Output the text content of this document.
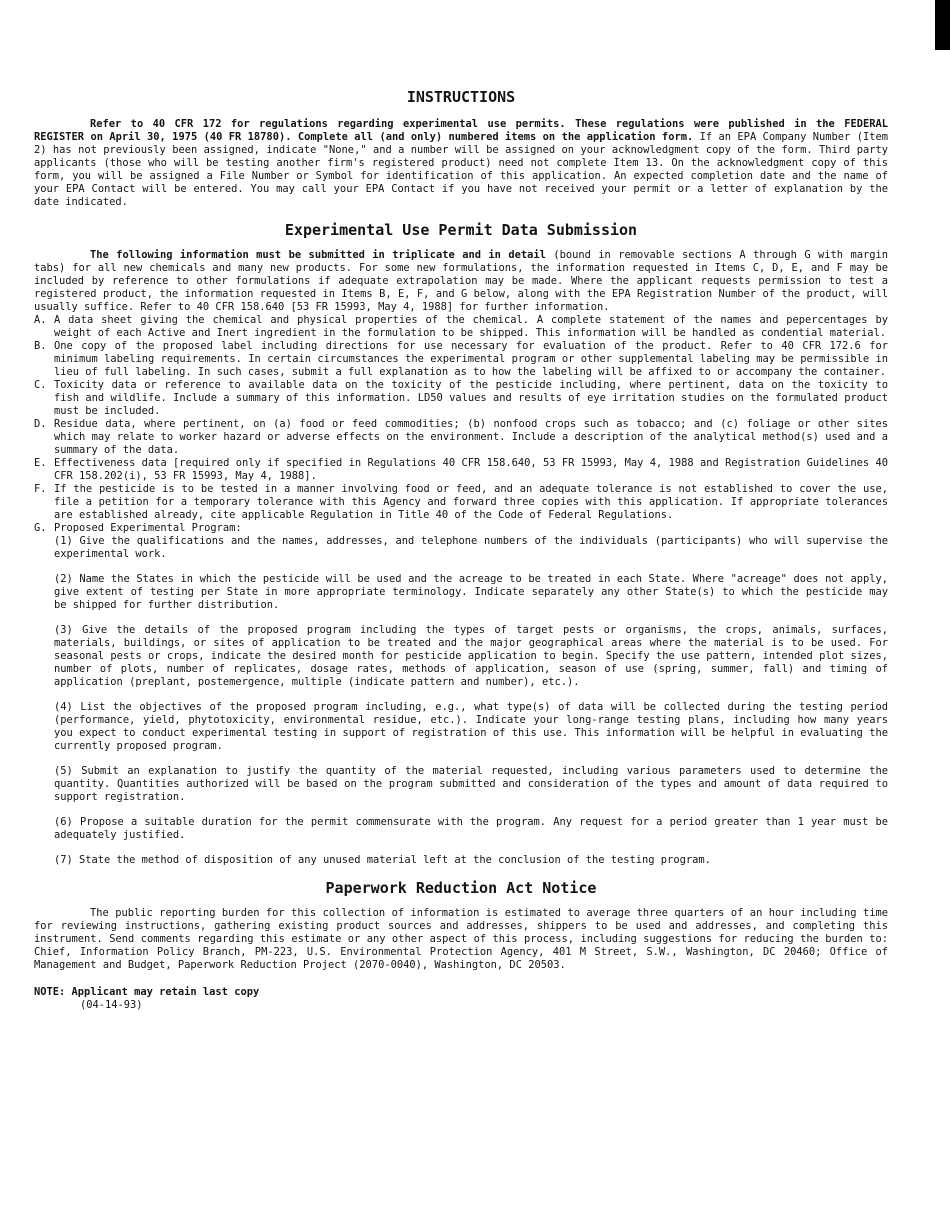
INSTRUCTIONS

Refer to 40 CFR 172 for regulations regarding experimental use permits. These regulations were published in the FEDERAL REGISTER on April 30, 1975 (40 FR 18780). Complete all (and only) numbered items on the application form. If an EPA Company Number (Item 2) has not previously been assigned, indicate "None," and a number will be assigned on your acknowledgment copy of the form. Third party applicants (those who will be testing another firm's registered product) need not complete Item 13. On the acknowledgment copy of this form, you will be assigned a File Number or Symbol for identification of this application. An expected completion date and the name of your EPA Contact will be entered. You may call your EPA Contact if you have not received your permit or a letter of explanation by the date indicated.

Experimental Use Permit Data Submission

The following information must be submitted in triplicate and in detail (bound in removable sections A through G with margin tabs) for all new chemicals and many new products. For some new formulations, the information requested in Items C, D, E, and F may be included by reference to other formulations if adequate extrapolation may be made. Where the applicant requests permission to test a registered product, the information requested in Items B, E, F, and G below, along with the EPA Registration Number of the product, will usually suffice. Refer to 40 CFR 158.640 [53 FR 15993, May 4, 1988] for further information.

A. A data sheet giving the chemical and physical properties of the chemical. A complete statement of the names and pepercentages by weight of each Active and Inert ingredient in the formulation to be shipped. This information will be handled as condential material.
B. One copy of the proposed label including directions for use necessary for evaluation of the product. Refer to 40 CFR 172.6 for minimum labeling requirements. In certain circumstances the experimental program or other supplemental labeling may be permissible in lieu of full labeling. In such cases, submit a full explanation as to how the labeling will be affixed to or accompany the container.
C. Toxicity data or reference to available data on the toxicity of the pesticide including, where pertinent, data on the toxicity to fish and wildlife. Include a summary of this information. LD50 values and results of eye irritation studies on the formulated product must be included.
D. Residue data, where pertinent, on (a) food or feed commodities; (b) nonfood crops such as tobacco; and (c) foliage or other sites which may relate to worker hazard or adverse effects on the environment. Include a description of the analytical method(s) used and a summary of the data.
E. Effectiveness data [required only if specified in Regulations 40 CFR 158.640, 53 FR 15993, May 4, 1988 and Registration Guidelines 40 CFR 158.202(i), 53 FR 15993, May 4, 1988].
F. If the pesticide is to be tested in a manner involving food or feed, and an adequate tolerance is not established to cover the use, file a petition for a temporary tolerance with this Agency and forward three copies with this application. If appropriate tolerances are established already, cite applicable Regulation in Title 40 of the Code of Federal Regulations.
G. Proposed Experimental Program:

(1) Give the qualifications and the names, addresses, and telephone numbers of the individuals (participants) who will supervise the experimental work.

(2) Name the States in which the pesticide will be used and the acreage to be treated in each State. Where "acreage" does not apply, give extent of testing per State in more appropriate terminology. Indicate separately any other State(s) to which the pesticide may be shipped for further distribution.

(3) Give the details of the proposed program including the types of target pests or organisms, the crops, animals, surfaces, materials, buildings, or sites of application to be treated and the major geographical areas where the material is to be used. For seasonal pests or crops, indicate the desired month for pesticide application to begin. Specify the use pattern, intended plot sizes, number of plots, number of replicates, dosage rates, methods of application, season of use (spring, summer, fall) and timing of application (preplant, postemergence, multiple (indicate pattern and number), etc.).

(4) List the objectives of the proposed program including, e.g., what type(s) of data will be collected during the testing period (performance, yield, phytotoxicity, environmental residue, etc.). Indicate your long-range testing plans, including how many years you expect to conduct experimental testing in support of registration of this use. This information will be helpful in evaluating the currently proposed program.

(5) Submit an explanation to justify the quantity of the material requested, including various parameters used to determine the quantity. Quantities authorized will be based on the program submitted and consideration of the types and amount of data required to support registration.

(6) Propose a suitable duration for the permit commensurate with the program. Any request for a period greater than 1 year must be adequately justified.

(7) State the method of disposition of any unused material left at the conclusion of the testing program.

Paperwork Reduction Act Notice

The public reporting burden for this collection of information is estimated to average three quarters of an hour including time for reviewing instructions, gathering existing product sources and addresses, shippers to be used and addresses, and completing this instrument. Send comments regarding this estimate or any other aspect of this process, including suggestions for reducing the burden to: Chief, Information Policy Branch, PM-223, U.S. Environmental Protection Agency, 401 M Street, S.W., Washington, DC 20460; Office of Management and Budget, Paperwork Reduction Project (2070-0040), Washington, DC 20503.

NOTE: Applicant may retain last copy
(04-14-93)
